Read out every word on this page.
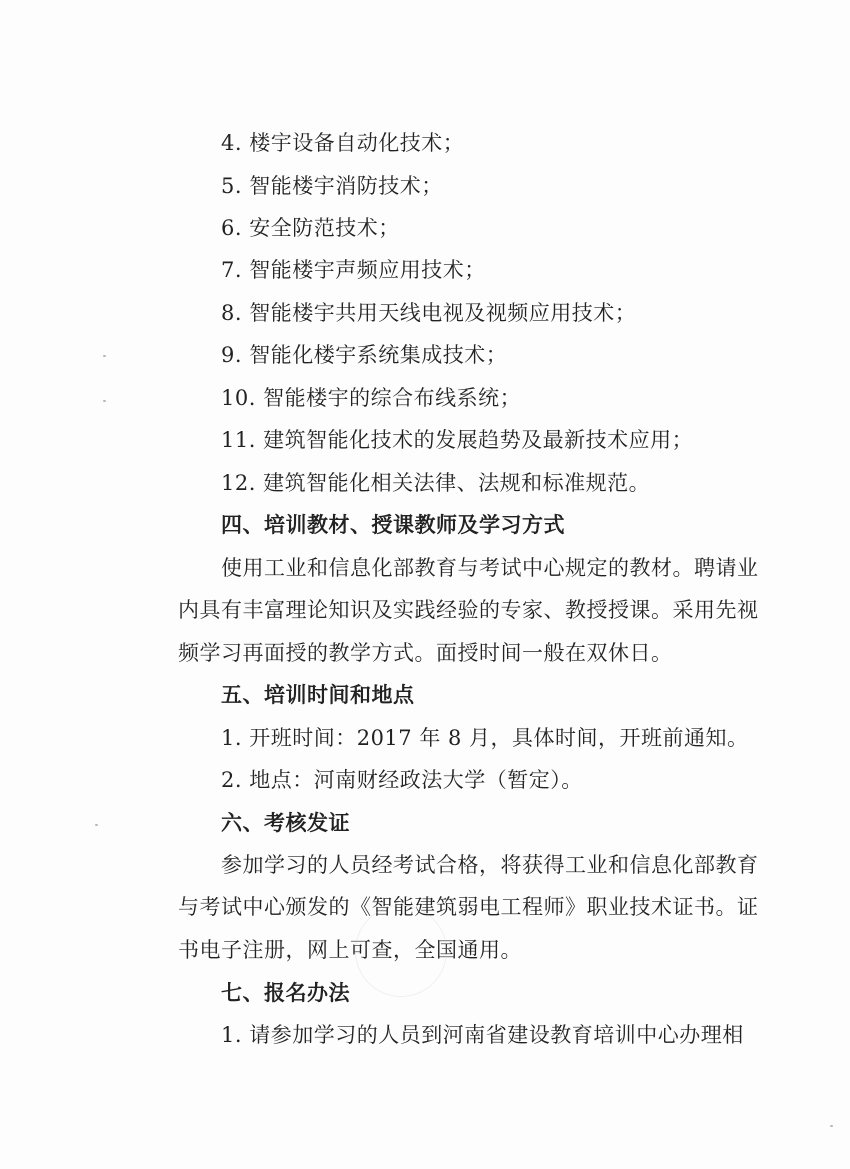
4. 楼宇设备自动化技术；
5. 智能楼宇消防技术；
6. 安全防范技术；
7. 智能楼宇声频应用技术；
8. 智能楼宇共用天线电视及视频应用技术；
9. 智能化楼宇系统集成技术；
10. 智能楼宇的综合布线系统；
11. 建筑智能化技术的发展趋势及最新技术应用；
12. 建筑智能化相关法律、法规和标准规范。
四、培训教材、授课教师及学习方式
使用工业和信息化部教育与考试中心规定的教材。聘请业
内具有丰富理论知识及实践经验的专家、教授授课。采用先视
频学习再面授的教学方式。面授时间一般在双休日。
五、培训时间和地点
1. 开班时间：2017 年 8 月，具体时间，开班前通知。
2. 地点：河南财经政法大学（暂定）。
六、考核发证
参加学习的人员经考试合格，将获得工业和信息化部教育
与考试中心颁发的《智能建筑弱电工程师》职业技术证书。证
书电子注册，网上可查，全国通用。
七、报名办法
1. 请参加学习的人员到河南省建设教育培训中心办理相
